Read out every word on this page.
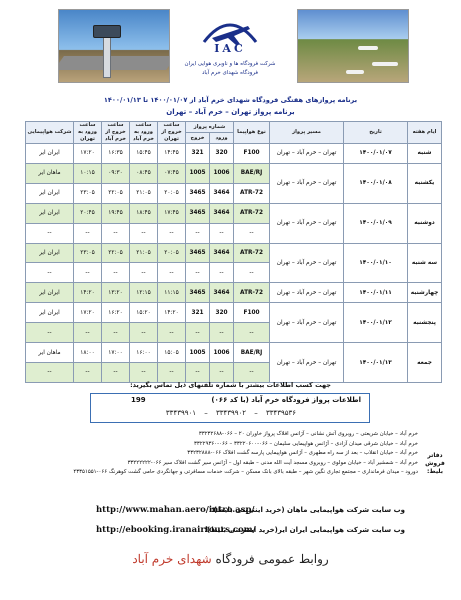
IAC
شرکت فرودگاه ها و ناوبری هوایی ایران
فرودگاه شهدای خرم آباد
برنامه پروازهای هفتگی فرودگاه شهدای خرم آباد از ۱۴۰۰/۰۱/۰۷ تا ۱۴۰۰/۰۱/۱۳
برنامه پرواز تهران – خرم آباد – تهران
ایام هفته	تاریخ	مسیر پرواز	نوع هواپیما	شماره پرواز		ساعت خروج از تهران	ساعت ورود به خرم آباد	ساعت خروج از خرم آباد	ساعت ورود به تهران	شرکت هواپیمایی
				ورود	خروج					
شنبه	۱۴۰۰/۰۱/۰۷	تهران – خرم آباد – تهران	F100	320	321	۱۴:۴۵	۱۵:۴۵	۱۶:۳۵	۱۷:۲۰	ایران ایر
یکشنبه	۱۴۰۰/۰۱/۰۸	تهران – خرم آباد – تهران	BAE/RJ	1006	1005	۰۷:۴۵	۰۸:۴۵	۰۹:۳۰	۱۰:۱۵	ماهان ایر
			ATR-72	3464	3465	۲۰:۰۵	۲۱:۰۵	۲۲:۰۵	۲۳:۰۵	ایران ایر
دوشنبه	۱۴۰۰/۰۱/۰۹	تهران – خرم آباد – تهران	ATR-72	3464	3465	۱۷:۴۵	۱۸:۴۵	۱۹:۴۵	۲۰:۴۵	ایران ایر
			--	--	--	--	--	--	--	--
سه شنبه	۱۴۰۰/۰۱/۱۰	تهران – خرم آباد – تهران	ATR-72	3464	3465	۲۰:۰۵	۲۱:۰۵	۲۲:۰۵	۲۳:۰۵	ایران ایر
			--	--	--	--	--	--	--	--
چهارشنبه	۱۴۰۰/۰۱/۱۱	تهران – خرم آباد – تهران	ATR-72	3464	3465	۱۱:۱۵	۱۲:۱۵	۱۳:۲۰	۱۴:۲۰	ایران ایر
پنجشنبه	۱۴۰۰/۰۱/۱۲	تهران – خرم آباد – تهران	F100	320	321	۱۴:۲۰	۱۵:۲۰	۱۶:۲۰	۱۷:۲۰	ایران ایر
			--	--	--	--	--	--	--	--
جمعه	۱۴۰۰/۰۱/۱۳	تهران – خرم آباد – تهران	BAE/RJ	1006	1005	۱۵:۰۵	۱۶:۰۰	۱۷:۰۰	۱۸:۰۰	ماهان ایر
			--	--	--	--	--	--	--	--
جهت کسب اطلاعات بیشتر با شماره تلفنهای ذیل تماس بگیرید:
اطلاعات پرواز فرودگاه خرم آباد (با کد ۰۶۶)
199
۳۳۴۳۹۵۳۶ – ۳۳۴۳۹۹۰۲ – ۳۳۴۳۹۹۰۱
دفاتر فروش بلیط:
خرم آباد – خیابان شریعتی – روبروی آتش نشانی – آژانس افلاک پرواز خاوران ۲۰ – ۰۶۶-۳۳۲۳۲۶۸۸
خرم آباد – خیابان شرقی میدان آزادی – آژانس هواپیمایی سلیمان – ۰۶۶-۳۳۲۲۰۶۰۰ – ۰۶۶-۳۳۲۲۹۳۶۰
خرم آباد – خیابان انقلاب – بعد از سه راه مطهری – آژانس هواپیمایی پارسه گشت افلاک ۰۶۶-۳۳۲۳۲۸۸۸
خرم آباد – شمشیر آباد – خیابان مولوی – روبروی مسجد آیت الله مدنی – طبقه اول – آژانس سیر گشت افلاک سیر ۰۶۶-۳۳۲۲۲۲۲۲
دورود – میدان فرمانداری – مجتمع تجاری نگین شهر – طبقه بالای بانک مسکن – شرکت خدمات مسافرتی و جهانگردی حامی گشت کوهرنگ ۰۶۶-۴۳۳۵۱۵۵۱
وب سایت شرکت هواپیمایی ماهان (خرید اینترنتی بلیط):
http://www.mahan.aero/intro.asp/
وب سایت شرکت هواپیمایی ایران ایر(خرید اینترنتی بلیط):
http://ebooking.iranairtours.com/
روابط عمومی فرودگاه شهدای خرم آباد
